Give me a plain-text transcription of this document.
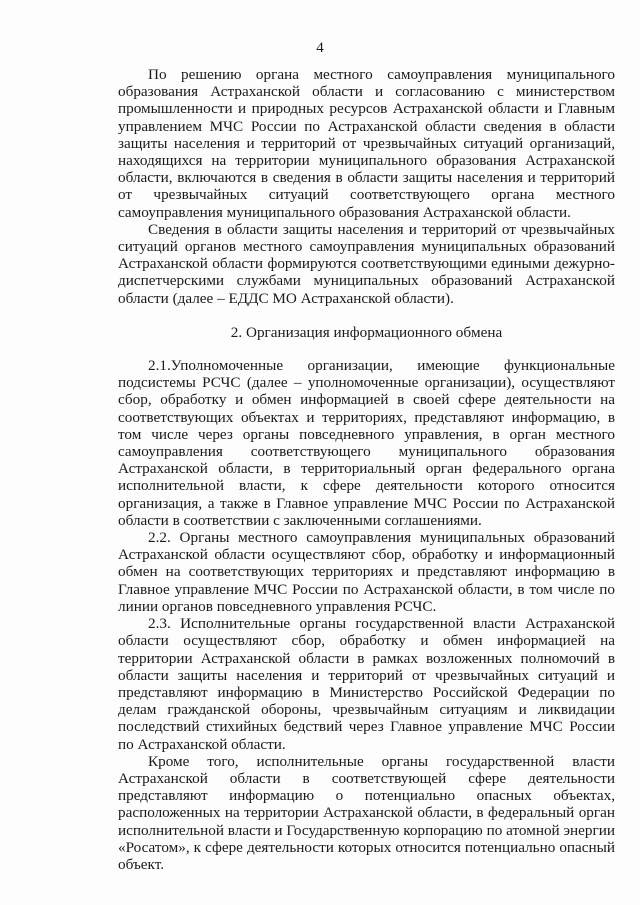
4

По решению органа местного самоуправления муниципального образования Астраханской области и согласованию с министерством промышленности и природных ресурсов Астраханской области и Главным управлением МЧС России по Астраханской области сведения в области защиты населения и территорий от чрезвычайных ситуаций организаций, находящихся на территории муниципального образования Астраханской области, включаются в сведения в области защиты населения и территорий от чрезвычайных ситуаций соответствующего органа местного самоуправления муниципального образования Астраханской области.

Сведения в области защиты населения и территорий от чрезвычайных ситуаций органов местного самоуправления муниципальных образований Астраханской области формируются соответствующими едиными дежурно-диспетчерскими службами муниципальных образований Астраханской области (далее – ЕДДС МО Астраханской области).

2. Организация информационного обмена

2.1.Уполномоченные организации, имеющие функциональные подсистемы РСЧС (далее – уполномоченные организации), осуществляют сбор, обработку и обмен информацией в своей сфере деятельности на соответствующих объектах и территориях, представляют информацию, в том числе через органы повседневного управления, в орган местного самоуправления соответствующего муниципального образования Астраханской области, в территориальный орган федерального органа исполнительной власти, к сфере деятельности которого относится организация, а также в Главное управление МЧС России по Астраханской области в соответствии с заключенными соглашениями.

2.2. Органы местного самоуправления муниципальных образований Астраханской области осуществляют сбор, обработку и информационный обмен на соответствующих территориях и представляют информацию в Главное управление МЧС России по Астраханской области, в том числе по линии органов повседневного управления РСЧС.

2.3. Исполнительные органы государственной власти Астраханской области осуществляют сбор, обработку и обмен информацией на территории Астраханской области в рамках возложенных полномочий в области защиты населения и территорий от чрезвычайных ситуаций и представляют информацию в Министерство Российской Федерации по делам гражданской обороны, чрезвычайным ситуациям и ликвидации последствий стихийных бедствий через Главное управление МЧС России по Астраханской области.

Кроме того, исполнительные органы государственной власти Астраханской области в соответствующей сфере деятельности представляют информацию о потенциально опасных объектах, расположенных на территории Астраханской области, в федеральный орган исполнительной власти и Государственную корпорацию по атомной энергии «Росатом», к сфере деятельности которых относится потенциально опасный объект.
